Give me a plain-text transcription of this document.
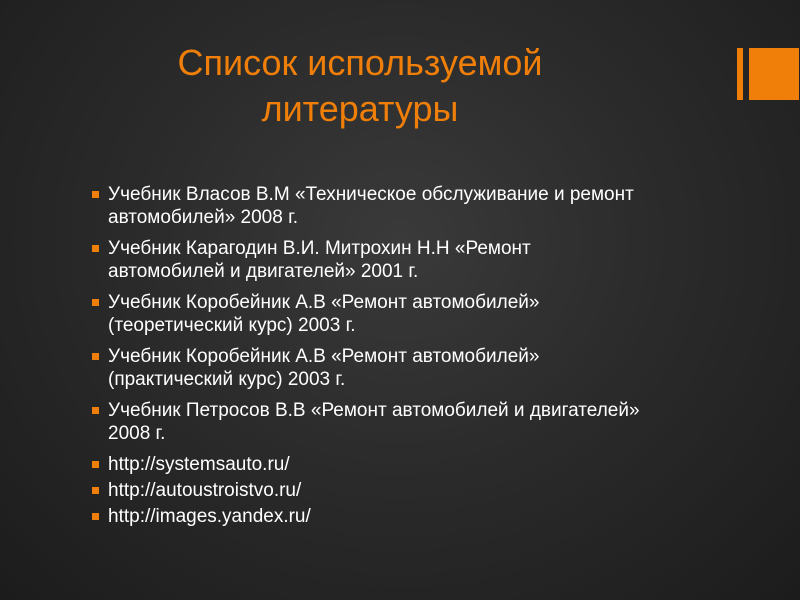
Список используемой
литературы
Учебник Власов В.М «Техническое обслуживание и ремонт автомобилей» 2008 г.
Учебник Карагодин В.И. Митрохин Н.Н «Ремонт автомобилей и двигателей» 2001 г.
Учебник Коробейник А.В «Ремонт автомобилей» (теоретический курс) 2003 г.
Учебник Коробейник А.В «Ремонт автомобилей» (практический курс) 2003 г.
Учебник Петросов В.В «Ремонт автомобилей и двигателей» 2008 г.
http://systemsauto.ru/
http://autoustroistvo.ru/
http://images.yandex.ru/
